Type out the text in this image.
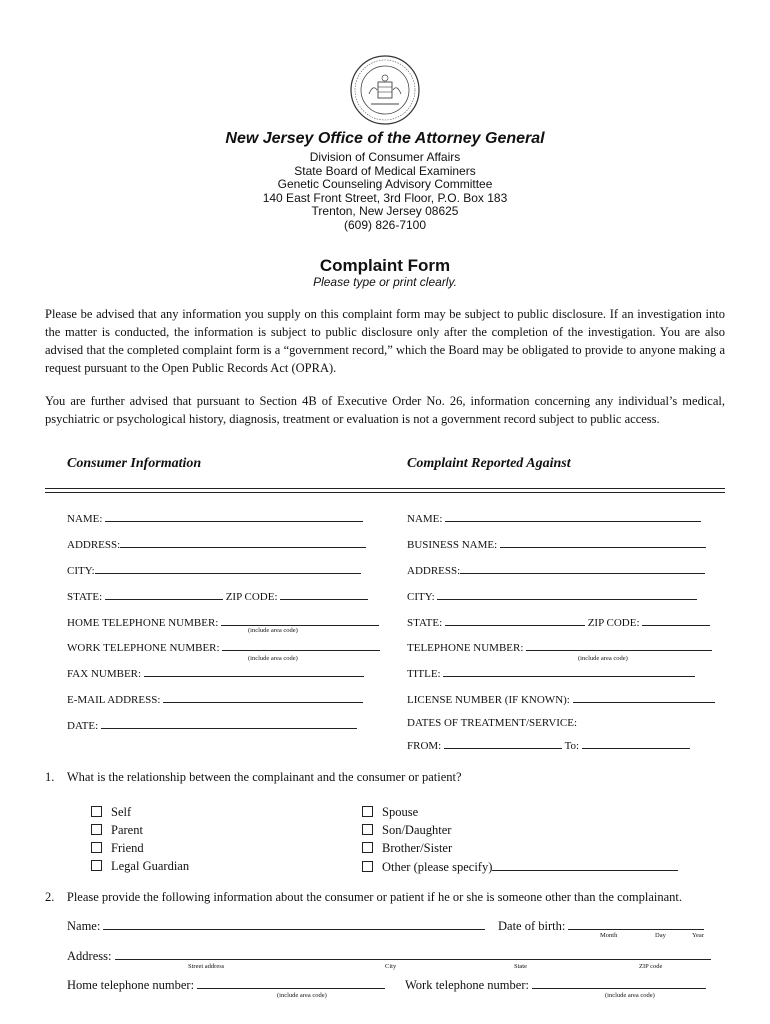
New Jersey Office of the Attorney General
Division of Consumer Affairs
State Board of Medical Examiners
Genetic Counseling Advisory Committee
140 East Front Street, 3rd Floor, P.O. Box 183
Trenton, New Jersey 08625
(609) 826-7100
Complaint Form
Please type or print clearly.
Please be advised that any information you supply on this complaint form may be subject to public disclosure. If an investigation into the matter is conducted, the information is subject to public disclosure only after the completion of the investigation. You are also advised that the completed complaint form is a “government record,” which the Board may be obligated to provide to anyone making a request pursuant to the Open Public Records Act (OPRA).
You are further advised that pursuant to Section 4B of Executive Order No. 26, information concerning any individual’s medical, psychiatric or psychological history, diagnosis, treatment or evaluation is not a government record subject to public access.
Consumer Information	Complaint Reported Against
NAME:
ADDRESS:
CITY:
STATE:	ZIP CODE:
HOME TELEPHONE NUMBER:
(include area code)
WORK TELEPHONE NUMBER:
(include area code)
FAX NUMBER:
E-MAIL ADDRESS:
DATE:
NAME:
BUSINESS NAME:
ADDRESS:
CITY:
STATE:	ZIP CODE:
TELEPHONE NUMBER:
(include area code)
TITLE:
LICENSE NUMBER (IF KNOWN):
DATES OF TREATMENT/SERVICE:
FROM:	To:
1. What is the relationship between the complainant and the consumer or patient?
Self
Parent
Friend
Legal Guardian
Spouse
Son/Daughter
Brother/Sister
Other (please specify)
2. Please provide the following information about the consumer or patient if he or she is someone other than the complainant.
Name:	Date of birth:
Month	Day	Year
Address:
Street address	City	State	ZIP code
Home telephone number:	Work telephone number:
(include area code)	(include area code)
